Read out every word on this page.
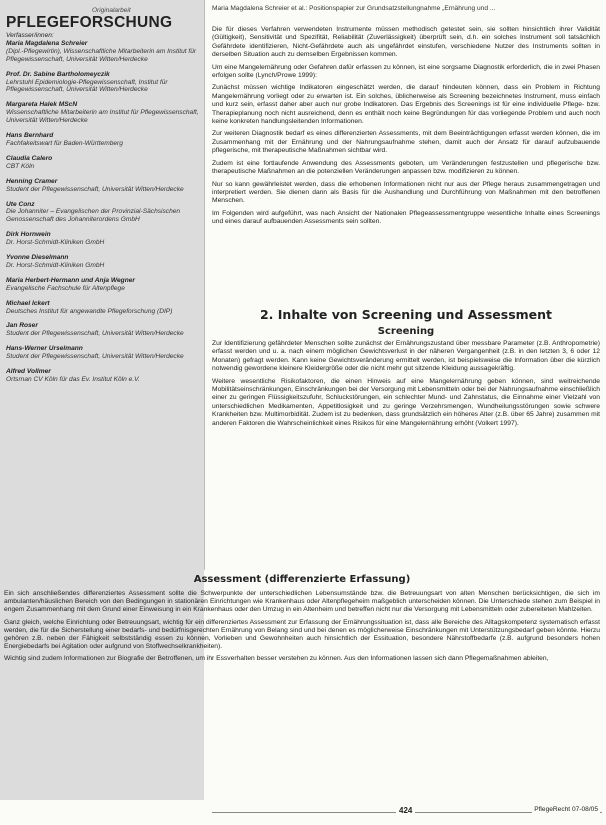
Originalarbeit
PFLEGEFORSCHUNG
Maria Magdalena Schreier et al.: Positionspapier zur Grundsatzstellungnahme „Ernährung und ...
Verfasser/innen:
Maria Magdalena Schreier
(Dipl.-Pflegewirtin), Wissenschaftliche Mitarbeiterin am Institut für Pflegewissenschaft, Universität Witten/Herdecke
Prof. Dr. Sabine Bartholomeyczik
Lehrstuhl Epidemiologie-Pflegewissenschaft, Institut für Pflegewissenschaft, Universität Witten/Herdecke
Margareta Halek MScN
Wissenschaftliche Mitarbeiterin am Institut für Pflegewissenschaft, Universität Witten/Herdecke
Hans Bernhard
Fachfakeitswart für Baden-Württemberg
Claudia Calero
CBT Köln
Henning Cramer
Student der Pflegewissenschaft, Universität Witten/Herdecke
Ute Conz
Die Johanniter – Evangelischen der Provinzial-Sächsischen Genossenschaft des Johanniterordens GmbH
Dirk Hornwein
Dr. Horst-Schmidt-Kliniken GmbH
Yvonne Dieselmann
Dr. Horst-Schmidt-Kliniken GmbH
Maria Herbert-Hermann und Anja Wegner
Evangelische Fachschule für Altenpflege
Michael Ickert
Deutsches Institut für angewandte Pflegeforschung (DIP)
Jan Roser
Student der Pflegewissenschaft, Universität Witten/Herdecke
Hans-Werner Urselmann
Student der Pflegewissenschaft, Universität Witten/Herdecke
Alfred Vollmer
Ortsrnan CV Köln für das Ev. Institut Köln e.V.

Die für dieses Verfahren verwendeten Instrumente müssen methodisch getestet sein, sie sollten hinsichtlich ihrer Validität (Gültigkeit), Sensitivität und Spezifität, Reliabilität (Zuverlässigkeit) überprüft sein, d.h. ein solches Instrument soll tatsächlich Gefährdete identifizieren, Nicht-Gefährdete auch als ungefährdet einstufen, verschiedene Nutzer des Instruments sollten in derselben Situation auch zu demselben Ergebnissen kommen.

Um eine Mangelernährung oder Gefahren dafür erfassen zu können, ist eine sorgsame Diagnostik erforderlich, die in zwei Phasen erfolgen sollte (Lynch/Prowe 1999):

Zunächst müssen wichtige Indikatoren eingeschätzt werden, die darauf hindeuten können, dass ein Problem in Richtung Mangelernährung vorliegt oder zu erwarten ist. Ein solches, üblicherweise als Screening bezeichnetes Instrument, muss einfach und kurz sein, erfasst daher aber auch nur grobe Indikatoren. Das Ergebnis des Screenings ist für eine individuelle Pflege- bzw. Therapieplanung noch nicht ausreichend, denn es enthält noch keine Begründungen für das vorliegende Problem und auch noch keine konkreten handlungsleitenden Informationen.

Zur weiteren Diagnostik bedarf es eines differenzierten Assessments, mit dem Beeinträchtigungen erfasst werden können, die im Zusammenhang mit der Ernährung und der Nahrungsaufnahme stehen, damit auch der Ansatz für darauf aufzubauende pflegerische, mit therapeutische Maßnahmen sichtbar wird.

Zudem ist eine fortlaufende Anwendung des Assessments geboten, um Veränderungen festzustellen und pflegerische bzw. therapeutische Maßnahmen an die potenziellen Veränderungen anpassen bzw. modifizieren zu können.

Nur so kann gewährleistet werden, dass die erhobenen Informationen nicht nur aus der Pflege heraus zusammengetragen und interpretiert werden. Sie dienen dann als Basis für die Aushandlung und Durchführung von Maßnahmen mit den betroffenen Menschen.

Im Folgenden wird aufgeführt, was nach Ansicht der Nationalen Pflegeassessmentgruppe wesentliche Inhalte eines Screenings und eines darauf aufbauenden Assessments sein sollten.

2. Inhalte von Screening und Assessment
Screening

Zur Identifizierung gefährdeter Menschen sollte zunächst der Ernährungszustand über messbare Parameter (z.B. Anthropometrie) erfasst werden und u. a. nach einem möglichen Gewichtsverlust in der näheren Vergangenheit (z.B. in den letzten 3, 6 oder 12 Monaten) gefragt werden. Kann keine Gewichtsveränderung ermittelt werden, ist beispielsweise die Information über die kürzlich notwendig gewordene kleinere Kleidergröße oder die nicht mehr gut sitzende Kleidung aussagekräftig.

Weitere wesentliche Risikofaktoren, die einen Hinweis auf eine Mangelernährung geben können, sind weitreichende Mobilitätseinschränkungen, Einschränkungen bei der Versorgung mit Lebensmitteln oder bei der Nahrungsaufnahme einschließlich einer zu geringen Flüssigkeitszufuhr, Schluckstörungen, ein schlechter Mund- und Zahnstatus, die Einnahme einer Vielzahl von unterschiedlichen Medikamenten, Appetitlosigkeit und zu geringe Verzehrsmengen, Wundheilungsstörungen sowie schwere Krankheiten bzw. Multimorbidität. Zudem ist zu bedenken, dass grundsätzlich ein höheres Alter (z.B. über 65 Jahre) zusammen mit anderen Faktoren die Wahrscheinlichkeit eines Risikos für eine Mangelernährung erhöht (Volkert 1997).

Assessment (differenzierte Erfassung)

Ein sich anschließendes differenziertes Assessment sollte die Schwerpunkte der unterschiedlichen Lebensumstände bzw. die Betreuungsart von alten Menschen berücksichtigen, die sich im ambulanten/häuslichen Bereich von den Bedingungen in stationären Einrichtungen wie Krankenhaus oder Altenpflegeheim maßgeblich unterscheiden können. Die Unterschiede stehen zum Beispiel in engem Zusammenhang mit dem Grund einer Einweisung in ein Krankenhaus oder den Umzug in ein Altenheim und betreffen nicht nur die Versorgung mit Lebensmitteln oder zubereiteten Mahlzeiten.

Ganz gleich, welche Einrichtung oder Betreuungsart, wichtig für ein differenziertes Assessment zur Erfassung der Ernährungssituation ist, dass alle Bereiche des Alltagskompetenz systematisch erfasst werden, die für die Sicherstellung einer bedarfs- und bedürfnisgerechten Ernährung von Belang sind und bei denen es möglicherweise Einschränkungen mit Unterstützungsbedarf geben könnte. Hierzu gehören z.B. neben der Fähigkeit selbstständig essen zu können, Vorlieben und Gewohnheiten auch hinsichtlich der Essituation, besondere Nährstoffbedarfe (z.B. aufgrund besonders hohen Energiebedarfs bei Agitation oder aufgrund von Stoffwechselkrankheiten).

Wichtig sind zudem Informationen zur Biografie der Betroffenen, um ihr Essverhalten besser verstehen zu können. Aus den Informationen lassen sich dann Pflegemaßnahmen ableiten,

424	PflegeRecht 07-08/05
